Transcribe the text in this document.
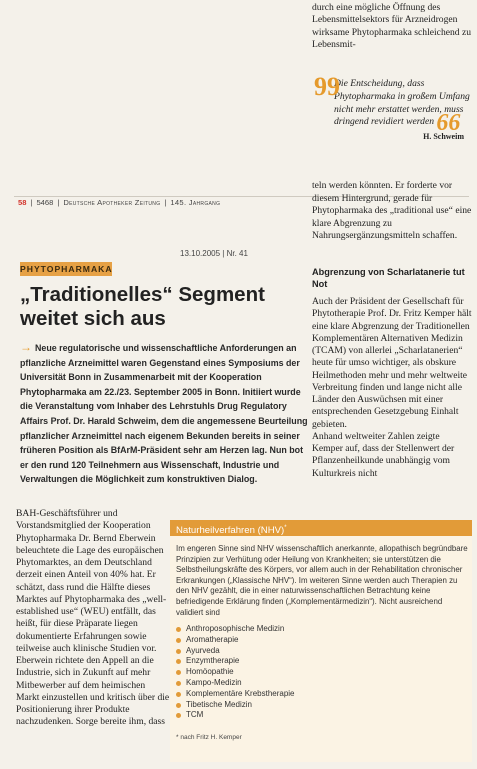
durch eine mögliche Öffnung des Lebensmittelsektors für Arzneidrogen wirksame Phytopharmaka schleichend zu Lebensmit-
99
Die Entscheidung, dass Phytopharmaka in großem Umfang nicht mehr erstattet werden, muss dringend revidiert werden 66
H. Schweim
58 | 5468 | Deutsche Apotheker Zeitung | 145. Jahrgang
13.10.2005 | Nr. 41
PHYTOPHARMAKA
„Traditionelles“ Segment weitet sich aus
→ Neue regulatorische und wissenschaftliche Anforderungen an pflanzliche Arzneimittel waren Gegenstand eines Symposiums der Universität Bonn in Zusammenarbeit mit der Kooperation Phytopharmaka am 22./23. September 2005 in Bonn. Initiiert wurde die Veranstaltung vom Inhaber des Lehrstuhls Drug Regulatory Affairs Prof. Dr. Harald Schweim, dem die angemessene Beurteilung pflanzlicher Arzneimittel nach eigenem Bekunden bereits in seiner früheren Position als BfArM-Präsident sehr am Herzen lag. Nun bot er den rund 120 Teilnehmern aus Wissenschaft, Industrie und Verwaltungen die Möglichkeit zum konstruktiven Dialog.

BAH-Geschäftsführer und Vorstandsmitglied der Kooperation Phytopharmaka Dr. Bernd Eberwein beleuchtete die Lage des europäischen Phytomarktes, an dem Deutschland derzeit einen Anteil von 40% hat. Er schätzt, dass rund die Hälfte dieses Marktes auf Phytopharmaka des „well-established use“ (WEU) entfällt, das heißt, für diese Präparate liegen dokumentierte Erfahrungen sowie teilweise auch klinische Studien vor.

Eberwein richtete den Appell an die Industrie, sich in Zukunft auf mehr Mitbewerber auf dem heimischen Markt einzustellen und kritisch über die Positionierung ihrer Produkte nachzudenken. Sorge bereite ihm, dass

teln werden könnten. Er forderte vor diesem Hintergrund, gerade für Phytopharmaka des „traditional use“ eine klare Abgrenzung zu Nahrungsergänzungsmitteln schaffen.
Abgrenzung von Scharlatanerie tut Not

Auch der Präsident der Gesellschaft für Phytotherapie Prof. Dr. Fritz Kemper hält eine klare Abgrenzung der Traditionellen Komplementären Alternativen Medizin (TCAM) von allerlei „Scharlatanerien“ heute für umso wichtiger, als obskure Heilmethoden mehr und mehr weltweite Verbreitung finden und lange nicht alle Länder den Auswüchsen mit einer entsprechenden Gesetzgebung Einhalt gebieten.

Anhand weltweiter Zahlen zeigte Kemper auf, dass der Stellenwert der Pflanzenheilkunde unabhängig vom Kulturkreis nicht

Naturheilverfahren (NHV)*
Im engeren Sinne sind NHV wissenschaftlich anerkannte, allopathisch begründbare Prinzipien zur Verhütung oder Heilung von Krankheiten; sie unterstützen die Selbstheilungskräfte des Körpers, vor allem auch in der Rehabilitation chronischer Erkrankungen („Klassische NHV“). Im weiteren Sinne werden auch Therapien zu den NHV gezählt, die in einer naturwissenschaftlichen Betrachtung keine befriedigende Erklärung finden („Komplementärmedizin“). Nicht ausreichend validiert sind
Anthroposophische Medizin
Aromatherapie
Ayurveda
Enzymtherapie
Homöopathie
Kampo-Medizin
Komplementäre Krebstherapie
Tibetische Medizin
TCM
* nach Fritz H. Kemper
